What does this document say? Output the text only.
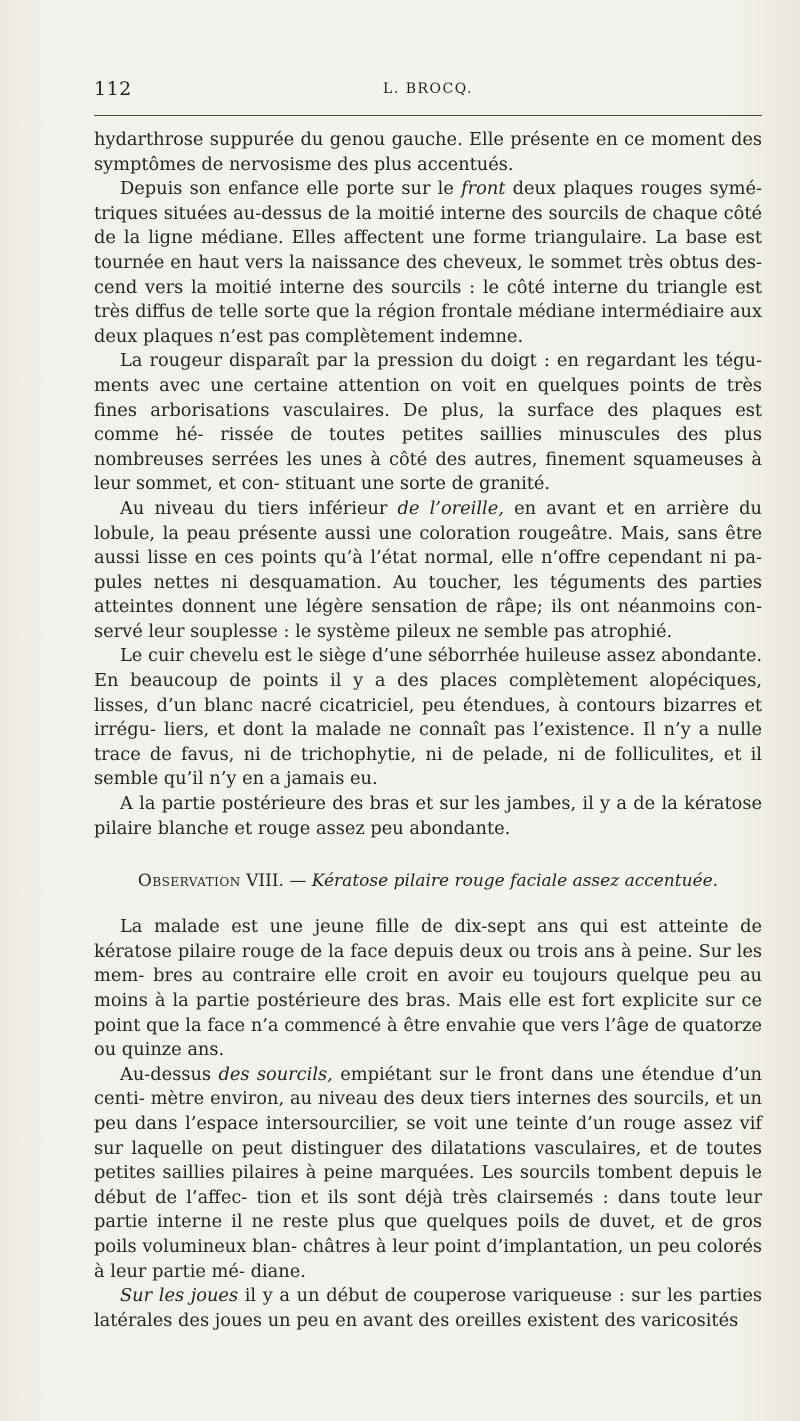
112	L. BROCQ.

hydarthrose suppurée du genou gauche. Elle présente en ce moment des symptômes de nervosisme des plus accentués.

Depuis son enfance elle porte sur le front deux plaques rouges symé- triques situées au-dessus de la moitié interne des sourcils de chaque côté de la ligne médiane. Elles affectent une forme triangulaire. La base est tournée en haut vers la naissance des cheveux, le sommet très obtus des- cend vers la moitié interne des sourcils : le côté interne du triangle est très diffus de telle sorte que la région frontale médiane intermédiaire aux deux plaques n’est pas complètement indemne.

La rougeur disparaît par la pression du doigt : en regardant les tégu- ments avec une certaine attention on voit en quelques points de très fines arborisations vasculaires. De plus, la surface des plaques est comme hé- rissée de toutes petites saillies minuscules des plus nombreuses serrées les unes à côté des autres, finement squameuses à leur sommet, et con- stituant une sorte de granité.

Au niveau du tiers inférieur de l’oreille, en avant et en arrière du lobule, la peau présente aussi une coloration rougeâtre. Mais, sans être aussi lisse en ces points qu’à l’état normal, elle n’offre cependant ni pa- pules nettes ni desquamation. Au toucher, les téguments des parties atteintes donnent une légère sensation de râpe; ils ont néanmoins con- servé leur souplesse : le système pileux ne semble pas atrophié.

Le cuir chevelu est le siège d’une séborrhée huileuse assez abondante. En beaucoup de points il y a des places complètement alopéciques, lisses, d’un blanc nacré cicatriciel, peu étendues, à contours bizarres et irrégu- liers, et dont la malade ne connaît pas l’existence. Il n’y a nulle trace de favus, ni de trichophytie, ni de pelade, ni de folliculites, et il semble qu’il n’y en a jamais eu.

A la partie postérieure des bras et sur les jambes, il y a de la kératose pilaire blanche et rouge assez peu abondante.

Observation VIII. — Kératose pilaire rouge faciale assez accentuée.

La malade est une jeune fille de dix-sept ans qui est atteinte de kératose pilaire rouge de la face depuis deux ou trois ans à peine. Sur les mem- bres au contraire elle croit en avoir eu toujours quelque peu au moins à la partie postérieure des bras. Mais elle est fort explicite sur ce point que la face n’a commencé à être envahie que vers l’âge de quatorze ou quinze ans.

Au-dessus des sourcils, empiétant sur le front dans une étendue d’un centi- mètre environ, au niveau des deux tiers internes des sourcils, et un peu dans l’espace intersourcilier, se voit une teinte d’un rouge assez vif sur laquelle on peut distinguer des dilatations vasculaires, et de toutes petites saillies pilaires à peine marquées. Les sourcils tombent depuis le début de l’affec- tion et ils sont déjà très clairsemés : dans toute leur partie interne il ne reste plus que quelques poils de duvet, et de gros poils volumineux blan- châtres à leur point d’implantation, un peu colorés à leur partie mé- diane.

Sur les joues il y a un début de couperose variqueuse : sur les parties latérales des joues un peu en avant des oreilles existent des varicosités
